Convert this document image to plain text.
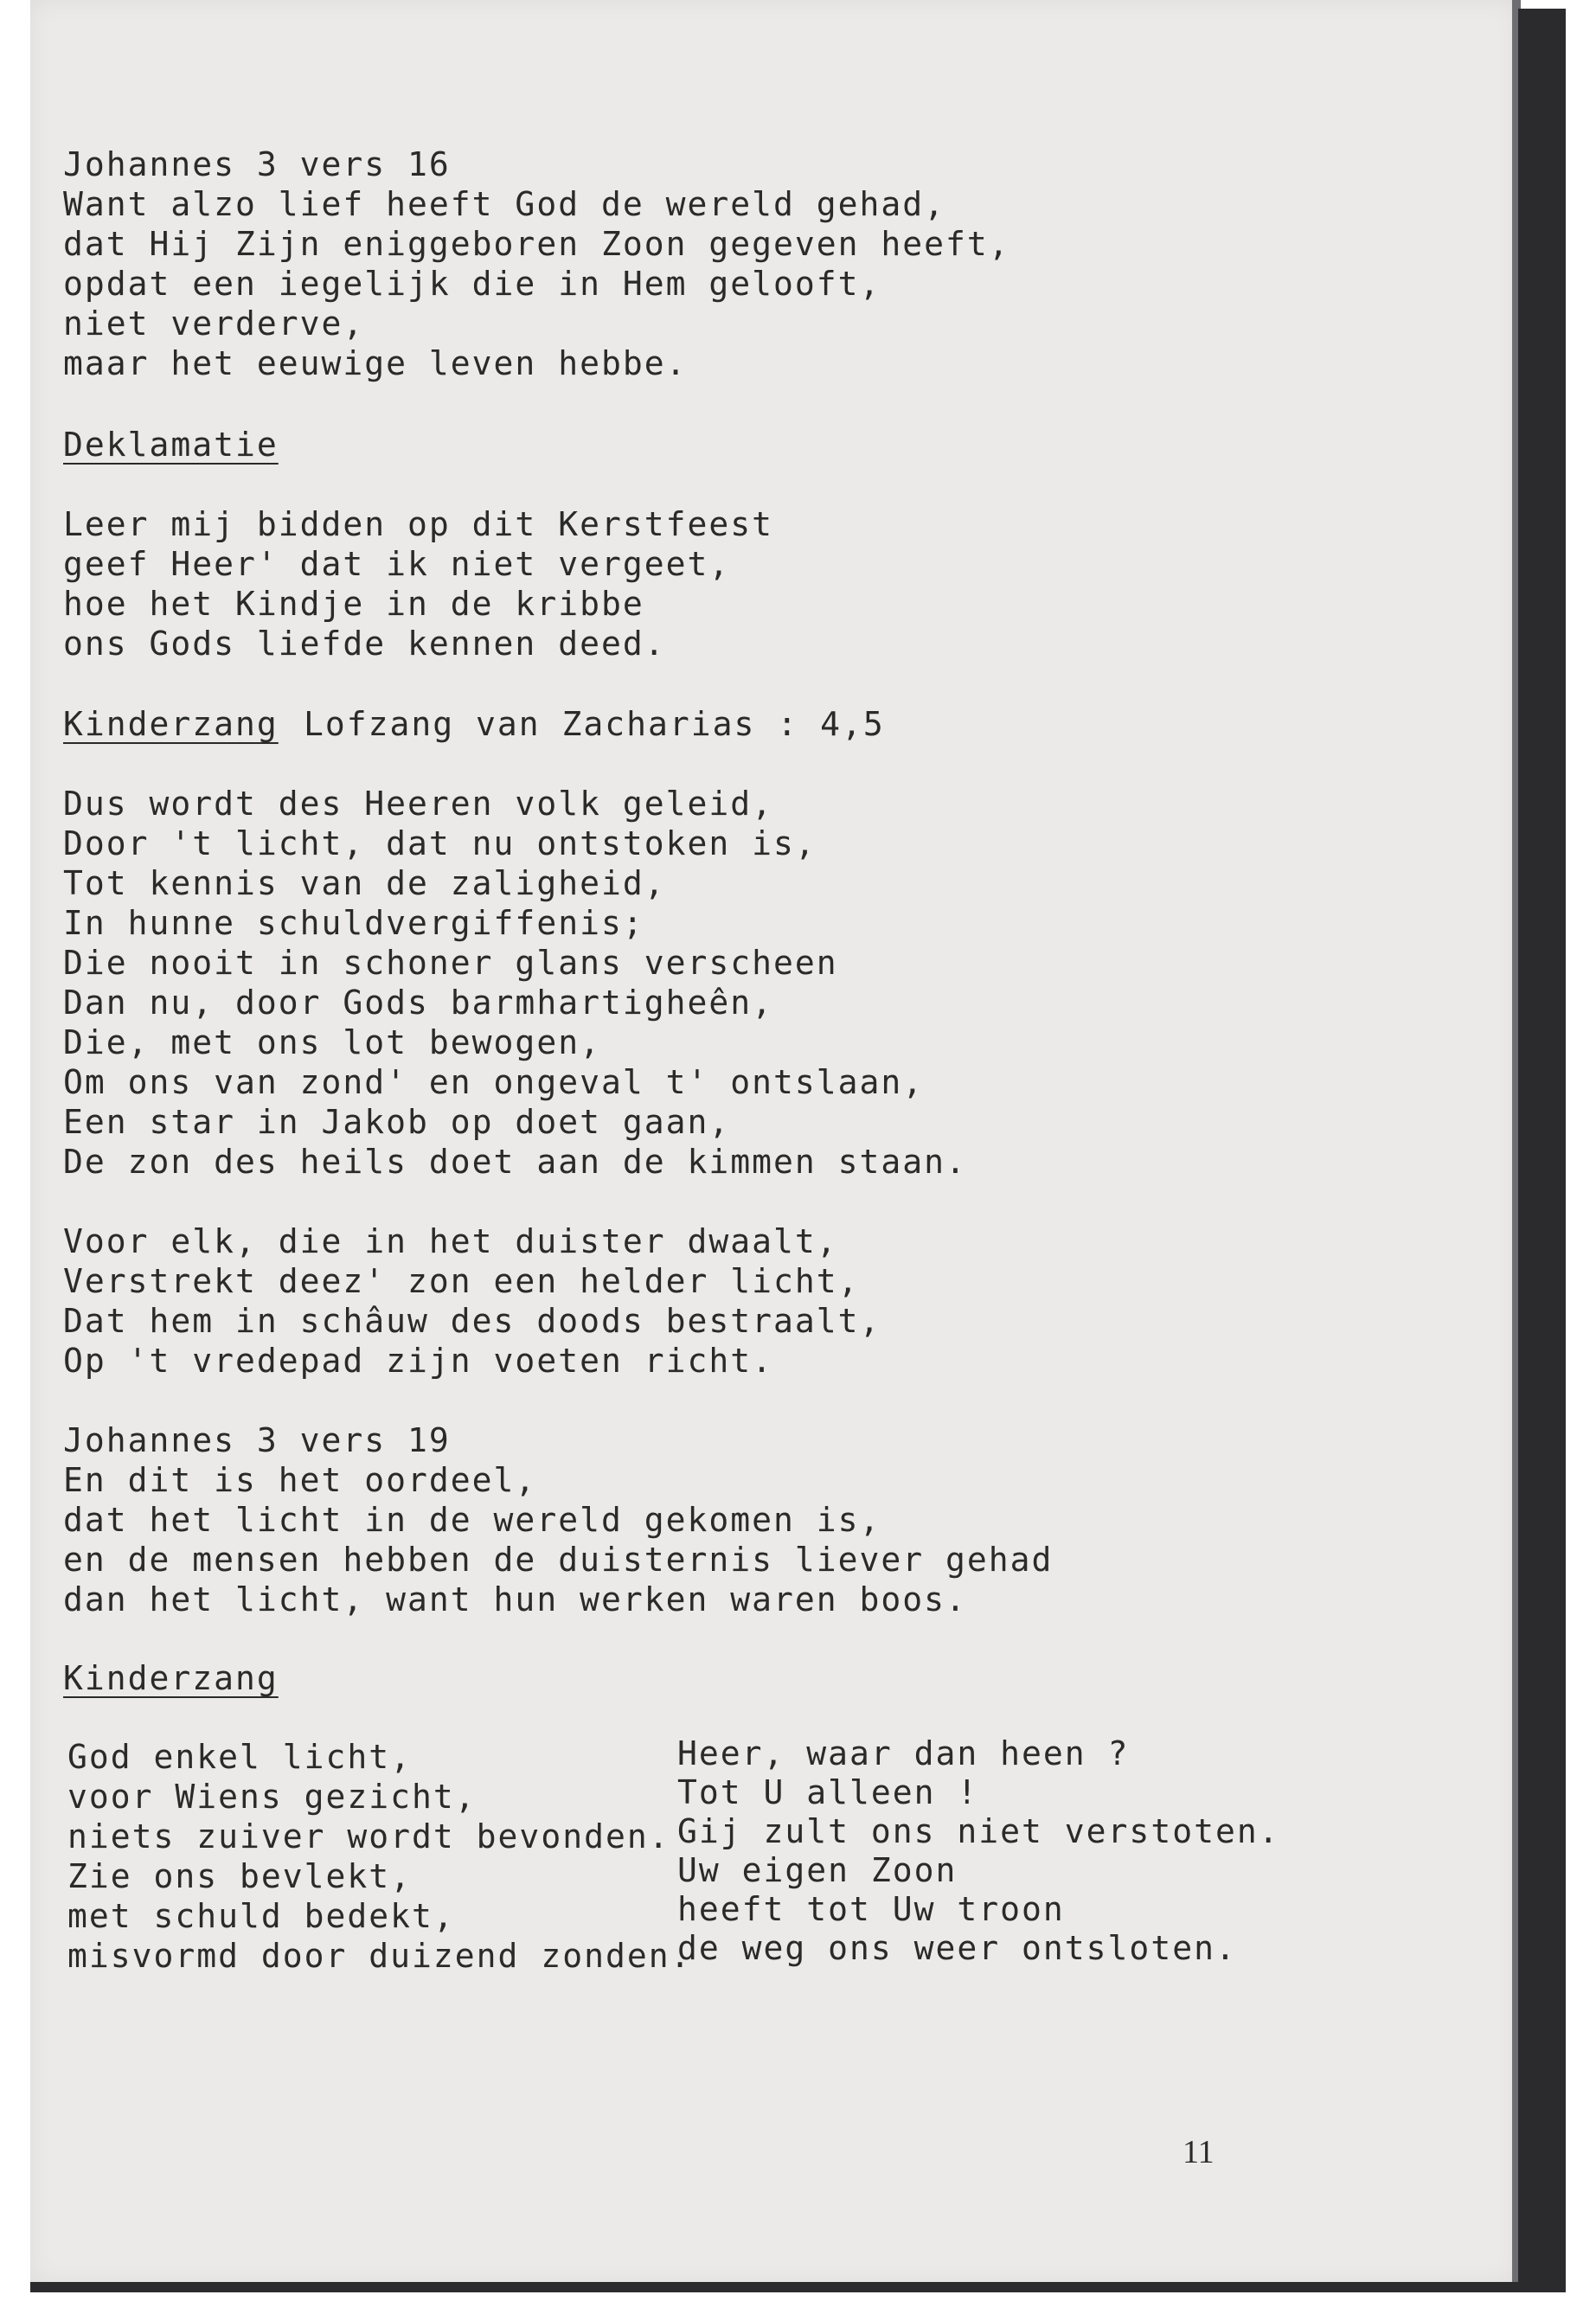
Johannes 3 vers 16

Want alzo lief heeft God de wereld gehad,

dat Hij Zijn eniggeboren Zoon gegeven heeft,

opdat een iegelijk die in Hem gelooft,

niet verderve,

maar het eeuwige leven hebbe.

Deklamatie

Leer mij bidden op dit Kerstfeest

geef Heer' dat ik niet vergeet,

hoe het Kindje in de kribbe

ons Gods liefde kennen deed.

Kinderzang

Lofzang van Zacharias : 4,5

Dus wordt des Heeren volk geleid,

Door 't licht, dat nu ontstoken is,

Tot kennis van de zaligheid,

In hunne schuldvergiffenis;

Die nooit in schoner glans verscheen

Dan nu, door Gods barmhartigheên,

Die, met ons lot bewogen,

Om ons van zond' en ongeval t' ontslaan,

Een star in Jakob op doet gaan,

De zon des heils doet aan de kimmen staan.

Voor elk, die in het duister dwaalt,

Verstrekt deez' zon een helder licht,

Dat hem in schâuw des doods bestraalt,

Op 't vredepad zijn voeten richt.

Johannes 3 vers 19

En dit is het oordeel,

dat het licht in de wereld gekomen is,

en de mensen hebben de duisternis liever gehad

dan het licht, want hun werken waren boos.

Kinderzang

God enkel licht,

voor Wiens gezicht,

niets zuiver wordt bevonden.

Zie ons bevlekt,

met schuld bedekt,

misvormd door duizend zonden.

Heer, waar dan heen ?

Tot U alleen !

Gij zult ons niet verstoten.

Uw eigen Zoon

heeft tot Uw troon

de weg ons weer ontsloten.

11
